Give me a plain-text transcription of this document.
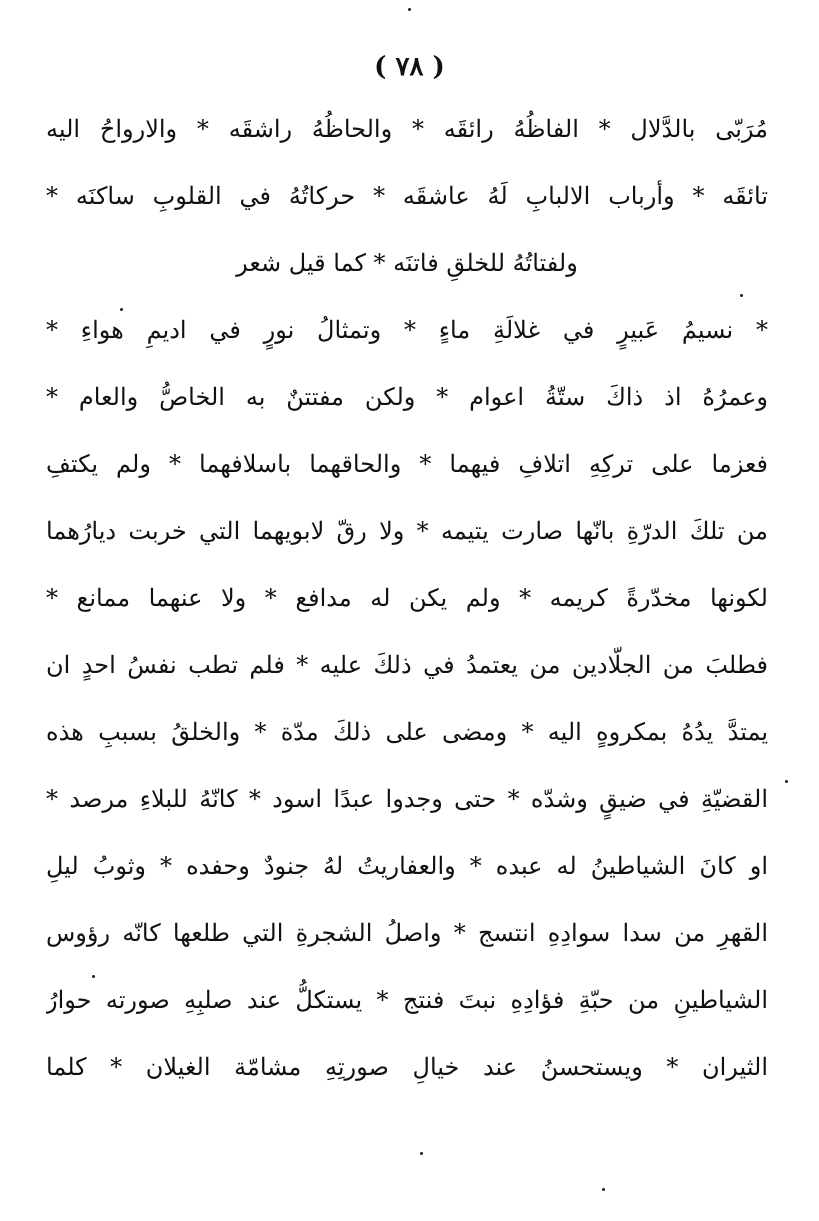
( ٧٨ )
مُرَبّى بالدَّلال * الفاظُهُ رائقَه * والحاظُهُ راشقَه * والارواحُ اليه
تائقَه * وأرباب الالبابِ لَهُ عاشقَه * حركاتُهُ في القلوبِ ساكنَه *
ولفتاتُهُ للخلقِ فاتنَه * كما قيل شعر
* نسيمُ عَبيرٍ في غلالَةِ ماءٍ * وتمثالُ نورٍ في اديمِ هواءِ *
وعمرُهُ اذ ذاكَ ستّةُ اعوام * ولكن مفتتنٌ به الخاصُّ والعام *
فعزما على تركِهِ اتلافِ فيهما * والحاقهما باسلافهما * ولم يكتفِ
من تلكَ الدرّةِ بانّها صارت يتيمه * ولا رقّ لابويهما التي خربت ديارُهما
لكونها مخدّرةً كريمه * ولم يكن له مدافع * ولا عنهما ممانع *
فطلبَ من الجلّادين من يعتمدُ في ذلكَ عليه * فلم تطب نفسُ احدٍ ان
يمتدَّ يدُهُ بمكروهٍ اليه * ومضى على ذلكَ مدّة * والخلقُ بسببِ هذه
القضيّةِ في ضيقٍ وشدّه * حتى وجدوا عبدًا اسود * كانّهُ للبلاءِ مرصد *
او كانَ الشياطينُ له عبده * والعفاريتُ لهُ جنودٌ وحفده * وثوبُ ليلِ
القهرِ من سدا سوادِهِ انتسج * واصلُ الشجرةِ التي طلعها كانّه رؤوس
الشياطينِ من حبّةِ فؤادِهِ نبتَ فنتج * يستكلُّ عند صلبِهِ صورته حوارُ
الثيران * ويستحسنُ عند خيالِ صورتِهِ مشامّة الغيلان * كلما
